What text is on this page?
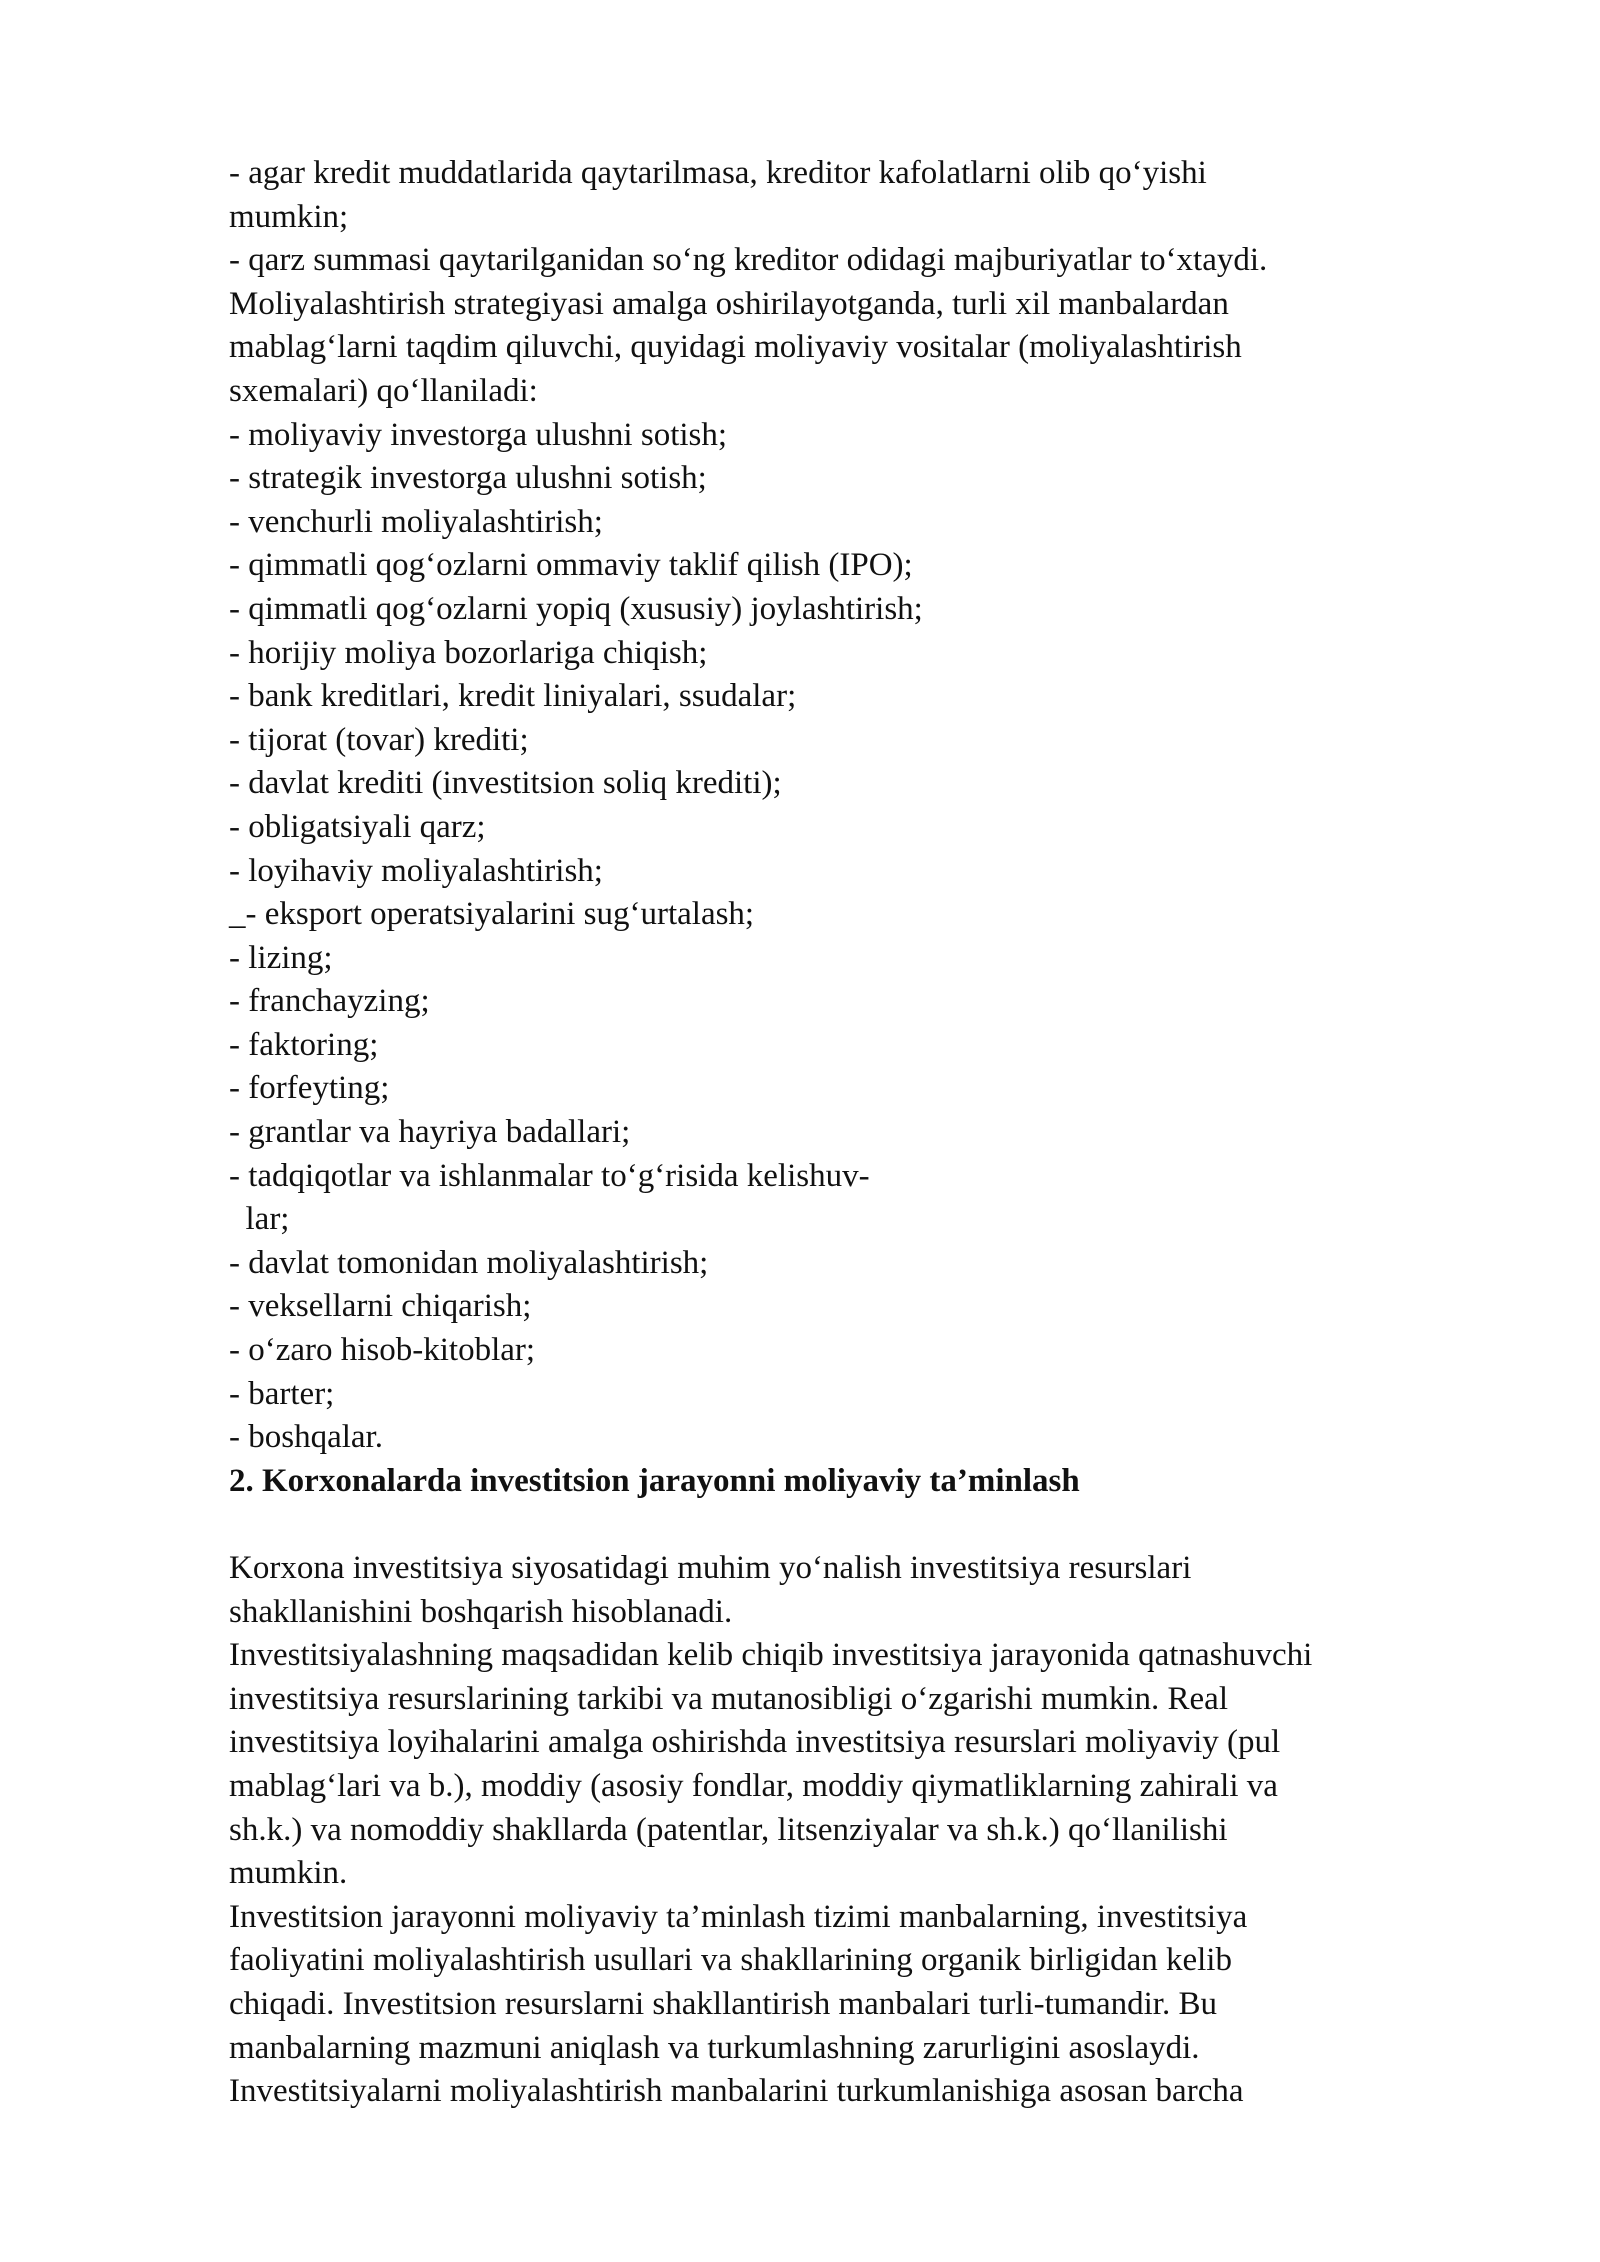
- agar kredit muddatlarida qaytarilmasa, kreditor kafolatlarni olib qo‘yishi
mumkin;
- qarz summasi qaytarilganidan so‘ng kreditor odidagi majburiyatlar to‘xtaydi.
Moliyalashtirish strategiyasi amalga oshirilayotganda, turli xil manbalardan
mablag‘larni taqdim qiluvchi, quyidagi moliyaviy vositalar (moliyalashtirish
sxemalari) qo‘llaniladi:
- moliyaviy investorga ulushni sotish;
- strategik investorga ulushni sotish;
- venchurli moliyalashtirish;
- qimmatli qog‘ozlarni ommaviy taklif qilish (IPO);
- qimmatli qog‘ozlarni yopiq (xususiy) joylashtirish;
- horijiy moliya bozorlariga chiqish;
- bank kreditlari, kredit liniyalari, ssudalar;
- tijorat (tovar) krediti;
- davlat krediti (investitsion soliq krediti);
- obligatsiyali qarz;
- loyihaviy moliyalashtirish;
_- eksport operatsiyalarini sug‘urtalash;
- lizing;
- franchayzing;
- faktoring;
- forfeyting;
- grantlar va hayriya badallari;
- tadqiqotlar va ishlanmalar to‘g‘risida kelishuv-
lar;
- davlat tomonidan moliyalashtirish;
- veksellarni chiqarish;
- o‘zaro hisob-kitoblar;
- barter;
- boshqalar.
2. Korxonalarda investitsion jarayonni moliyaviy ta’minlash
Korxona investitsiya siyosatidagi muhim yo‘nalish investitsiya resurslari
shakllanishini boshqarish hisoblanadi.
Investitsiyalashning maqsadidan kelib chiqib investitsiya jarayonida qatnashuvchi
investitsiya resurslarining tarkibi va mutanosibligi o‘zgarishi mumkin. Real
investitsiya loyihalarini amalga oshirishda investitsiya resurslari moliyaviy (pul
mablag‘lari va b.), moddiy (asosiy fondlar, moddiy qiymatliklarning zahirali va
sh.k.) va nomoddiy shakllarda (patentlar, litsenziyalar va sh.k.) qo‘llanilishi
mumkin.
Investitsion jarayonni moliyaviy ta’minlash tizimi manbalarning, investitsiya
faoliyatini moliyalashtirish usullari va shakllarining organik birligidan kelib
chiqadi. Investitsion resurslarni shakllantirish manbalari turli-tumandir. Bu
manbalarning mazmuni aniqlash va turkumlashning zarurligini asoslaydi.
Investitsiyalarni moliyalashtirish manbalarini turkumlanishiga asosan barcha
